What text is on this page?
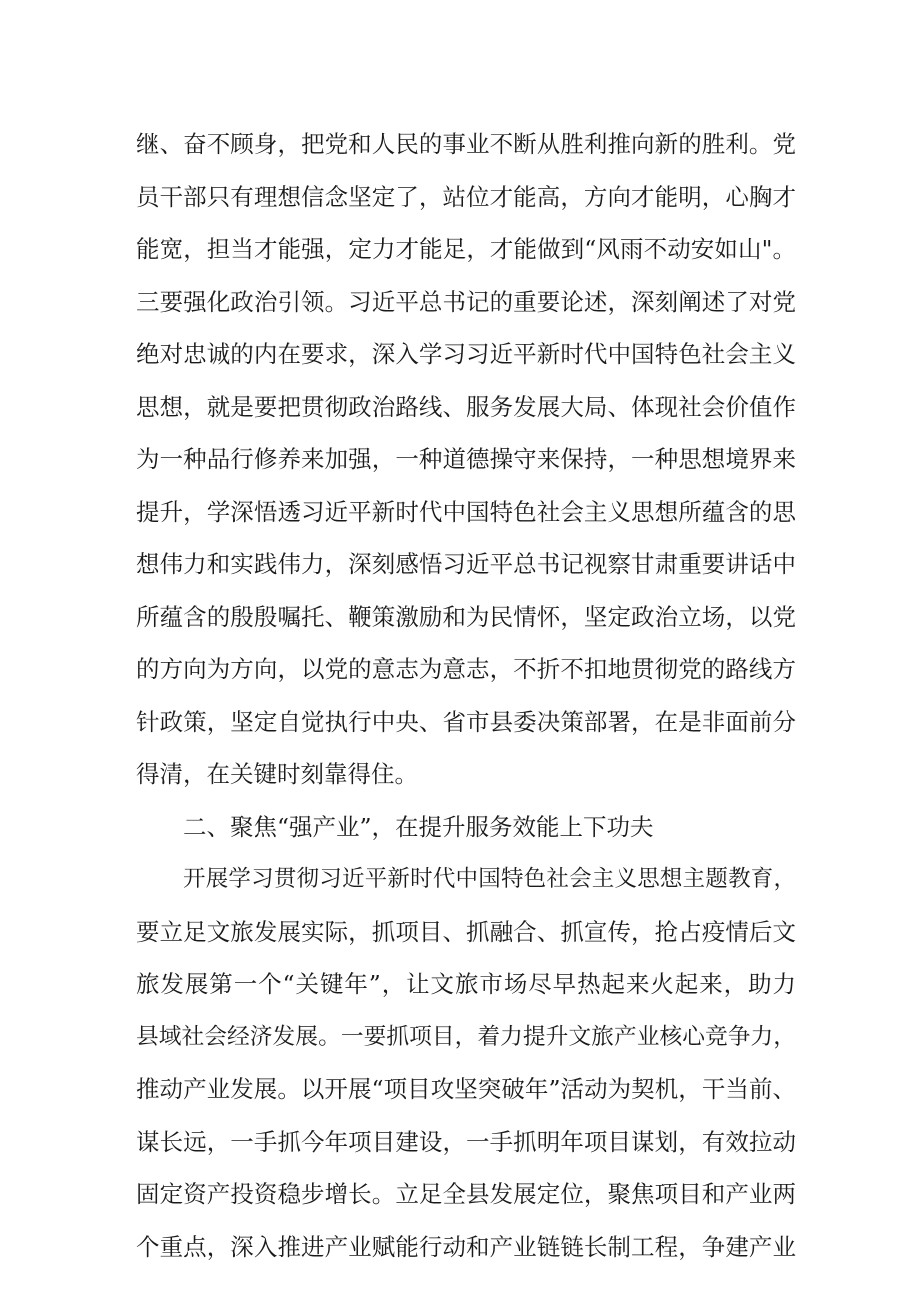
继、奋不顾身，把党和人民的事业不断从胜利推向新的胜利。党
员干部只有理想信念坚定了，站位才能高，方向才能明，心胸才
能宽，担当才能强，定力才能足，才能做到“风雨不动安如山"。
三要强化政治引领。习近平总书记的重要论述，深刻阐述了对党
绝对忠诚的内在要求，深入学习习近平新时代中国特色社会主义
思想，就是要把贯彻政治路线、服务发展大局、体现社会价值作
为一种品行修养来加强，一种道德操守来保持，一种思想境界来
提升，学深悟透习近平新时代中国特色社会主义思想所蕴含的思
想伟力和实践伟力，深刻感悟习近平总书记视察甘肃重要讲话中
所蕴含的殷殷嘱托、鞭策激励和为民情怀，坚定政治立场，以党
的方向为方向，以党的意志为意志，不折不扣地贯彻党的路线方
针政策，坚定自觉执行中央、省市县委决策部署，在是非面前分
得清，在关键时刻靠得住。
二、聚焦“强产业”，在提升服务效能上下功夫
开展学习贯彻习近平新时代中国特色社会主义思想主题教育，
要立足文旅发展实际，抓项目、抓融合、抓宣传，抢占疫情后文
旅发展第一个“关键年”，让文旅市场尽早热起来火起来，助力
县域社会经济发展。一要抓项目，着力提升文旅产业核心竞争力，
推动产业发展。以开展“项目攻坚突破年”活动为契机，干当前、
谋长远，一手抓今年项目建设，一手抓明年项目谋划，有效拉动
固定资产投资稳步增长。立足全县发展定位，聚焦项目和产业两
个重点，深入推进产业赋能行动和产业链链长制工程，争建产业
